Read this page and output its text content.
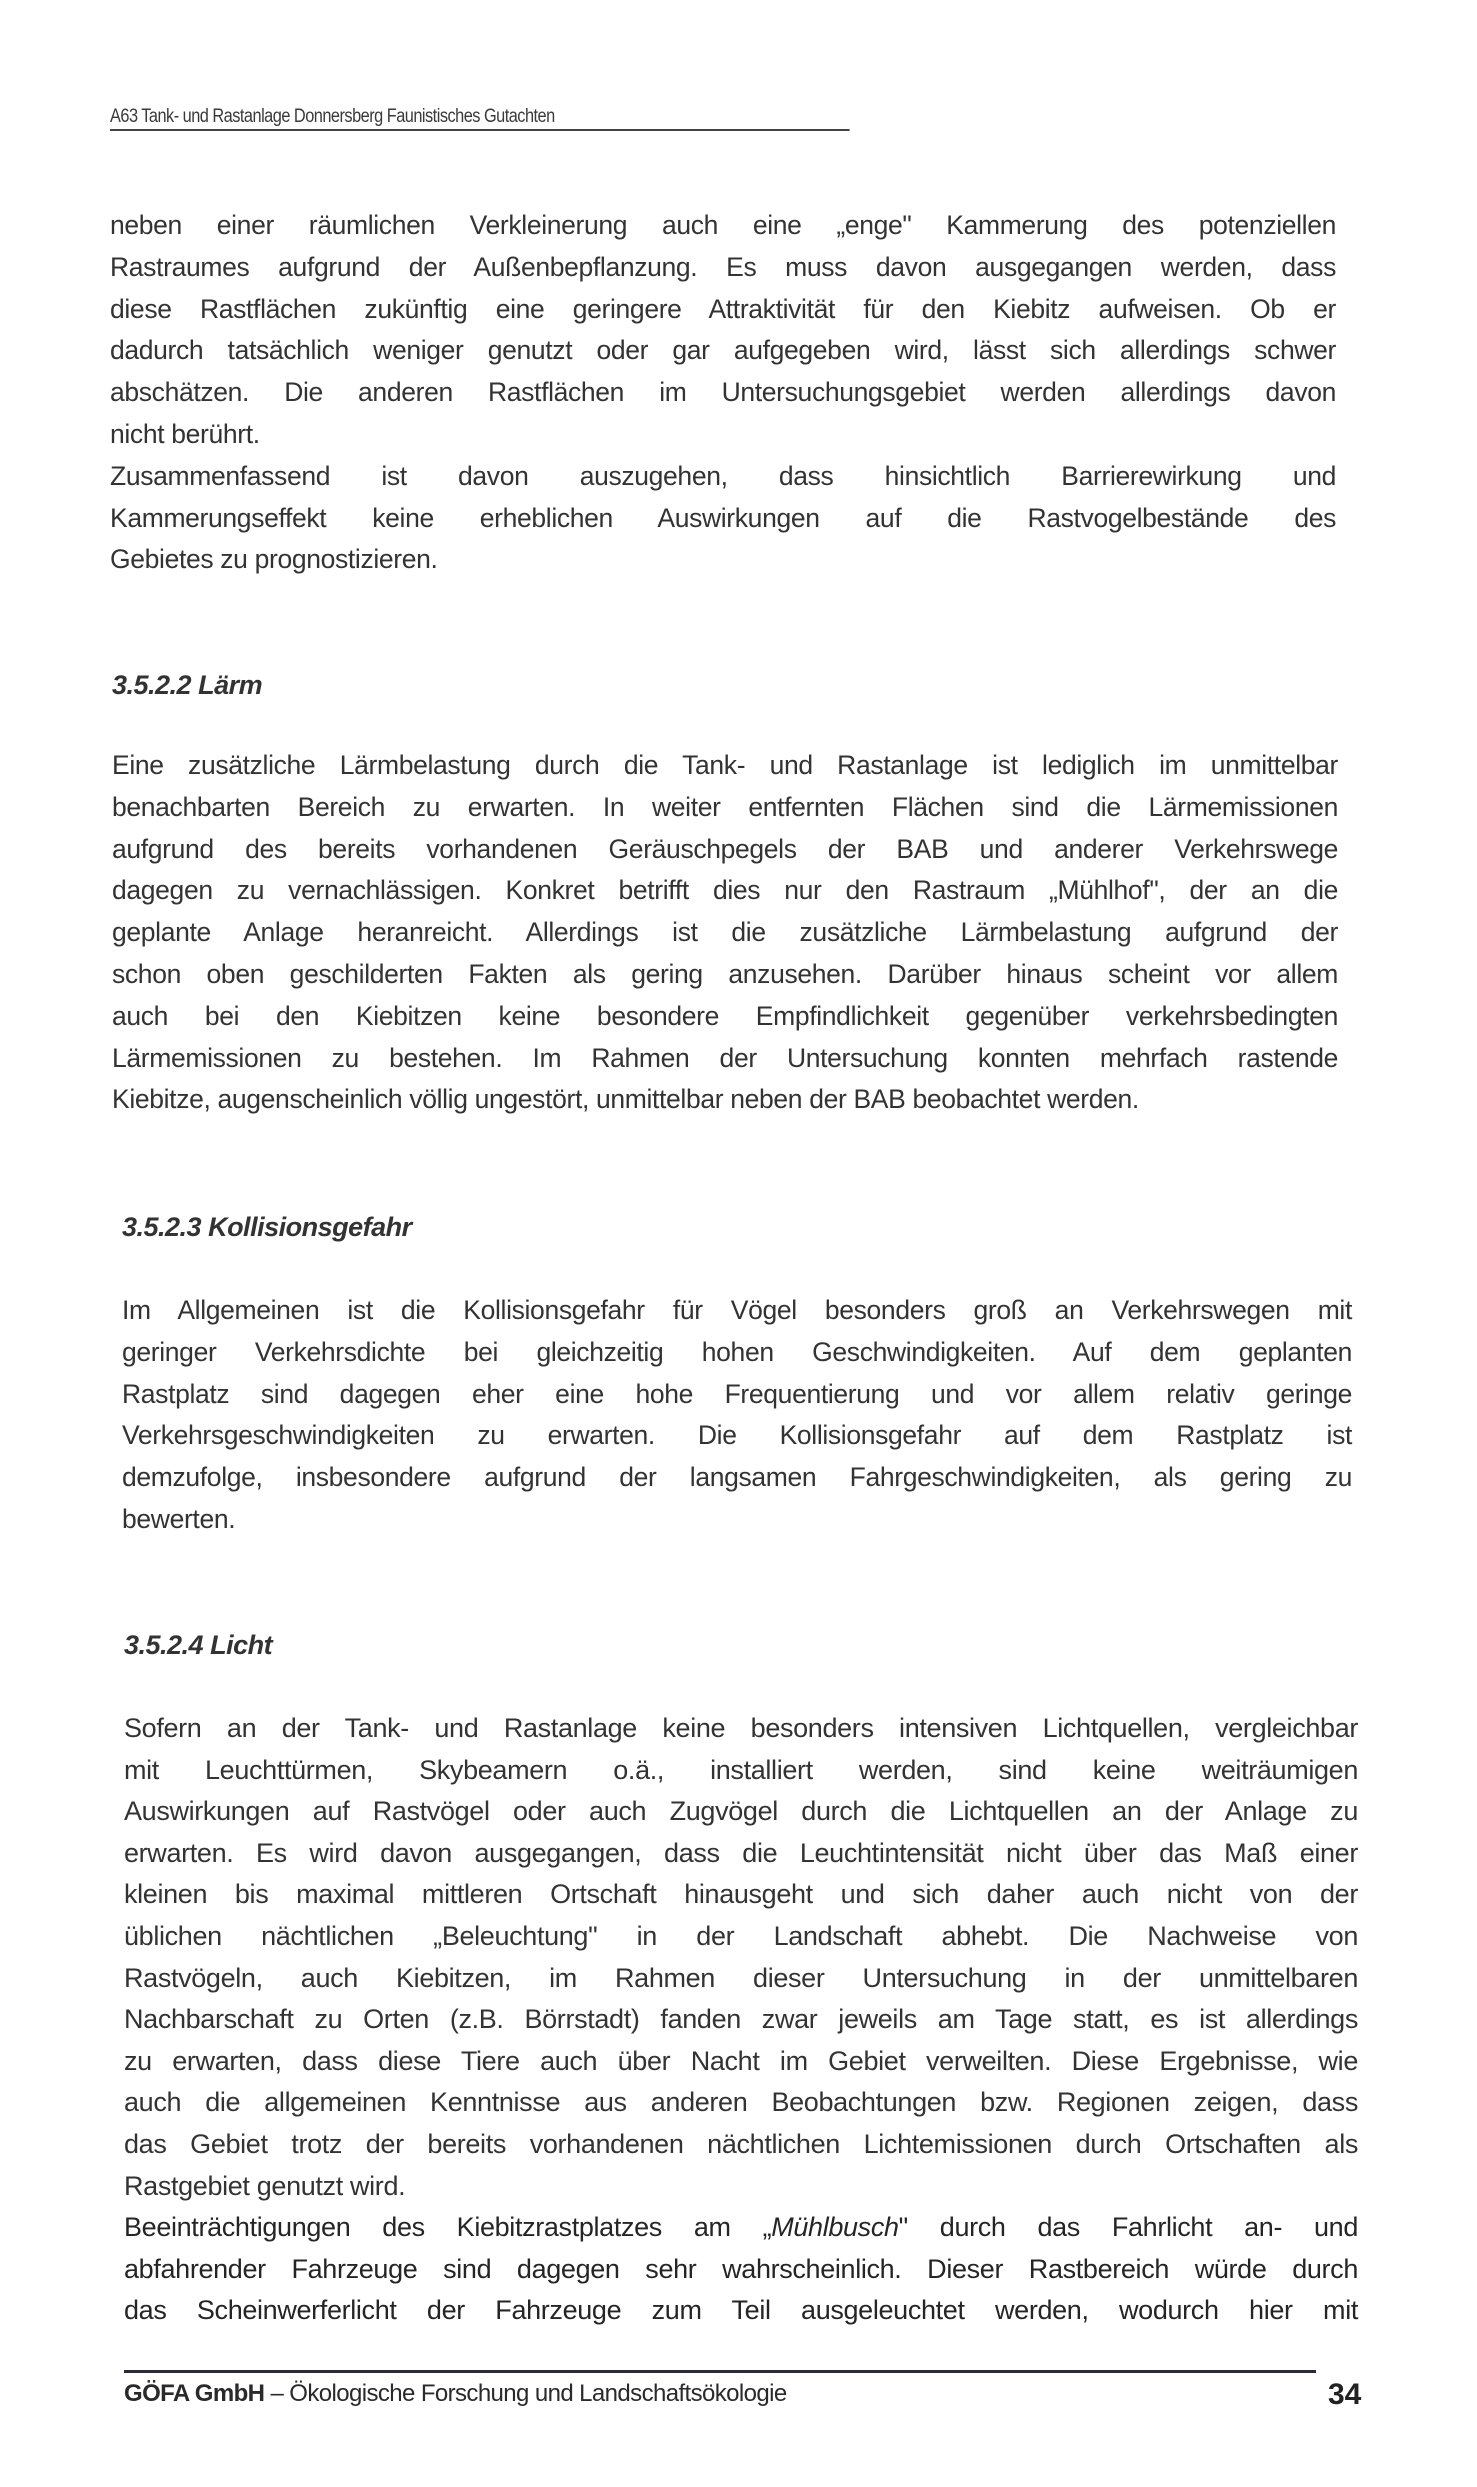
A63 Tank- und Rastanlage Donnersberg Faunistisches Gutachten

neben einer räumlichen Verkleinerung auch eine „enge" Kammerung des potenziellen
Rastraumes aufgrund der Außenbepflanzung. Es muss davon ausgegangen werden, dass
diese Rastflächen zukünftig eine geringere Attraktivität für den Kiebitz aufweisen. Ob er
dadurch tatsächlich weniger genutzt oder gar aufgegeben wird, lässt sich allerdings schwer
abschätzen. Die anderen Rastflächen im Untersuchungsgebiet werden allerdings davon
nicht berührt.

Zusammenfassend ist davon auszugehen, dass hinsichtlich Barrierewirkung und
Kammerungseffekt keine erheblichen Auswirkungen auf die Rastvogelbestände des
Gebietes zu prognostizieren.

3.5.2.2 Lärm

Eine zusätzliche Lärmbelastung durch die Tank- und Rastanlage ist lediglich im unmittelbar
benachbarten Bereich zu erwarten. In weiter entfernten Flächen sind die Lärmemissionen
aufgrund des bereits vorhandenen Geräuschpegels der BAB und anderer Verkehrswege
dagegen zu vernachlässigen. Konkret betrifft dies nur den Rastraum „Mühlhof", der an die
geplante Anlage heranreicht. Allerdings ist die zusätzliche Lärmbelastung aufgrund der
schon oben geschilderten Fakten als gering anzusehen. Darüber hinaus scheint vor allem
auch bei den Kiebitzen keine besondere Empfindlichkeit gegenüber verkehrsbedingten
Lärmemissionen zu bestehen. Im Rahmen der Untersuchung konnten mehrfach rastende
Kiebitze, augenscheinlich völlig ungestört, unmittelbar neben der BAB beobachtet werden.

3.5.2.3 Kollisionsgefahr

Im Allgemeinen ist die Kollisionsgefahr für Vögel besonders groß an Verkehrswegen mit
geringer Verkehrsdichte bei gleichzeitig hohen Geschwindigkeiten. Auf dem geplanten
Rastplatz sind dagegen eher eine hohe Frequentierung und vor allem relativ geringe
Verkehrsgeschwindigkeiten zu erwarten. Die Kollisionsgefahr auf dem Rastplatz ist
demzufolge, insbesondere aufgrund der langsamen Fahrgeschwindigkeiten, als gering zu
bewerten.

3.5.2.4 Licht

Sofern an der Tank- und Rastanlage keine besonders intensiven Lichtquellen, vergleichbar
mit Leuchttürmen, Skybeamern o.ä., installiert werden, sind keine weiträumigen
Auswirkungen auf Rastvögel oder auch Zugvögel durch die Lichtquellen an der Anlage zu
erwarten. Es wird davon ausgegangen, dass die Leuchtintensität nicht über das Maß einer
kleinen bis maximal mittleren Ortschaft hinausgeht und sich daher auch nicht von der
üblichen nächtlichen „Beleuchtung" in der Landschaft abhebt. Die Nachweise von
Rastvögeln, auch Kiebitzen, im Rahmen dieser Untersuchung in der unmittelbaren
Nachbarschaft zu Orten (z.B. Börrstadt) fanden zwar jeweils am Tage statt, es ist allerdings
zu erwarten, dass diese Tiere auch über Nacht im Gebiet verweilten. Diese Ergebnisse, wie
auch die allgemeinen Kenntnisse aus anderen Beobachtungen bzw. Regionen zeigen, dass
das Gebiet trotz der bereits vorhandenen nächtlichen Lichtemissionen durch Ortschaften als
Rastgebiet genutzt wird.

Beeinträchtigungen des Kiebitzrastplatzes am „Mühlbusch" durch das Fahrlicht an- und
abfahrender Fahrzeuge sind dagegen sehr wahrscheinlich. Dieser Rastbereich würde durch
das Scheinwerferlicht der Fahrzeuge zum Teil ausgeleuchtet werden, wodurch hier mit

GÖFA GmbH – Ökologische Forschung und Landschaftsökologie	34
